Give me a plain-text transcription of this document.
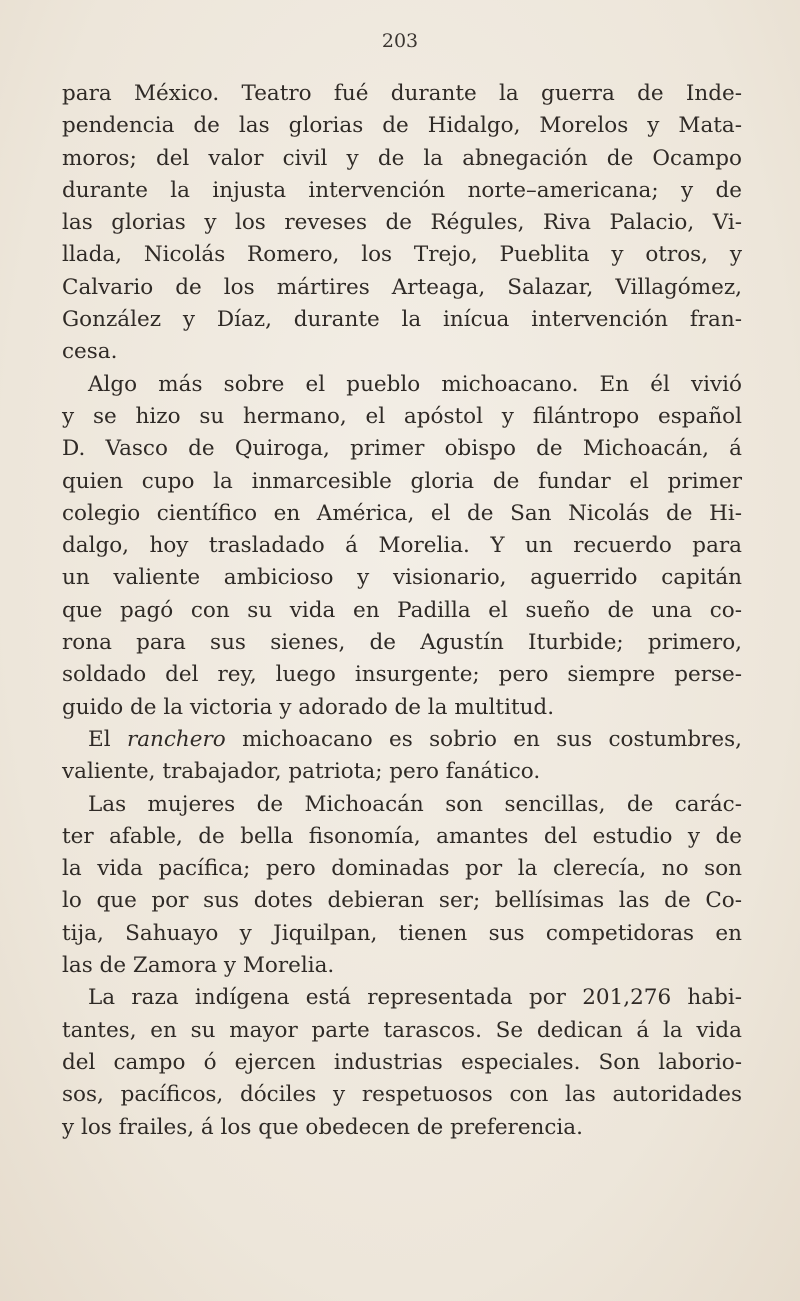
203
para México. Teatro fué durante la guerra de Inde-
pendencia de las glorias de Hidalgo, Morelos y Mata-
moros; del valor civil y de la abnegación de Ocampo
durante la injusta intervención norte–americana; y de
las glorias y los reveses de Régules, Riva Palacio, Vi-
llada, Nicolás Romero, los Trejo, Pueblita y otros, y
Calvario de los mártires Arteaga, Salazar, Villagómez,
González y Díaz, durante la inícua intervención fran-
cesa.
Algo más sobre el pueblo michoacano. En él vivió
y se hizo su hermano, el apóstol y filántropo español
D. Vasco de Quiroga, primer obispo de Michoacán, á
quien cupo la inmarcesible gloria de fundar el primer
colegio científico en América, el de San Nicolás de Hi-
dalgo, hoy trasladado á Morelia. Y un recuerdo para
un valiente ambicioso y visionario, aguerrido capitán
que pagó con su vida en Padilla el sueño de una co-
rona para sus sienes, de Agustín Iturbide; primero,
soldado del rey, luego insurgente; pero siempre perse-
guido de la victoria y adorado de la multitud.
El ranchero michoacano es sobrio en sus costumbres,
valiente, trabajador, patriota; pero fanático.
Las mujeres de Michoacán son sencillas, de carác-
ter afable, de bella fisonomía, amantes del estudio y de
la vida pacífica; pero dominadas por la clerecía, no son
lo que por sus dotes debieran ser; bellísimas las de Co-
tija, Sahuayo y Jiquilpan, tienen sus competidoras en
las de Zamora y Morelia.
La raza indígena está representada por 201,276 habi-
tantes, en su mayor parte tarascos. Se dedican á la vida
del campo ó ejercen industrias especiales. Son laborio-
sos, pacíficos, dóciles y respetuosos con las autoridades
y los frailes, á los que obedecen de preferencia.
